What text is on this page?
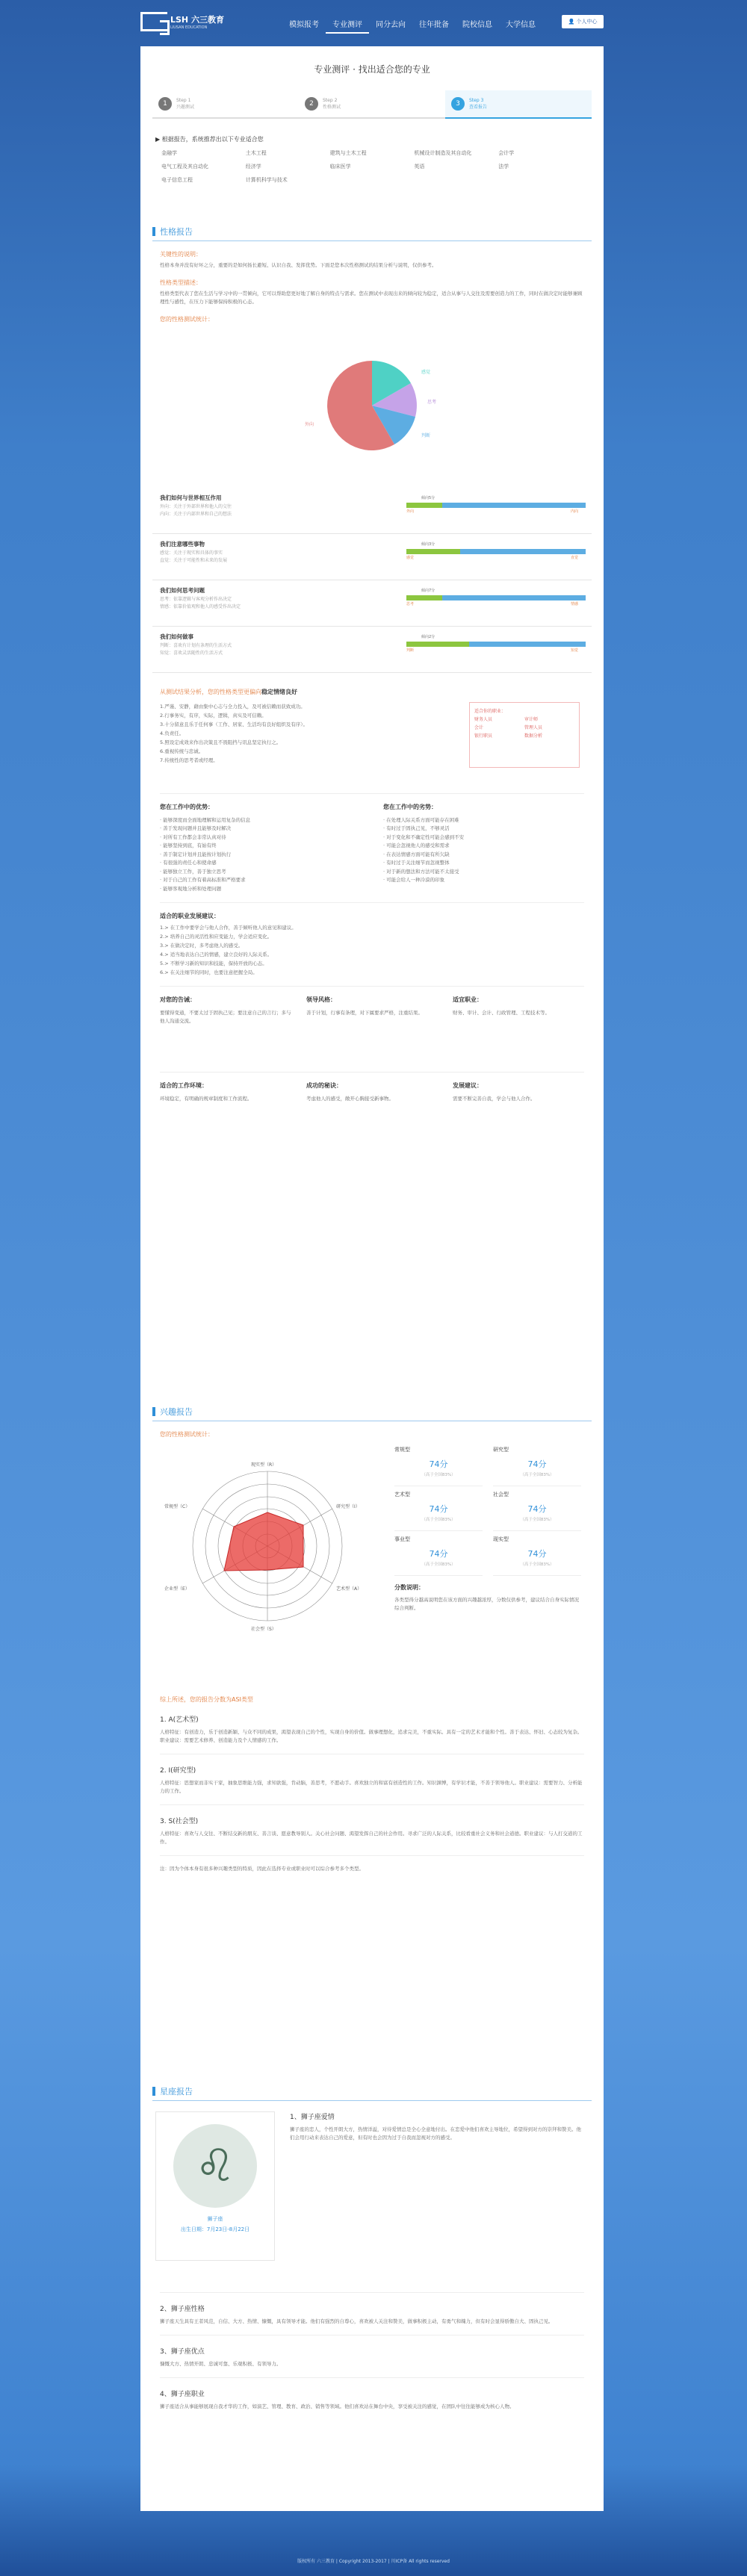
LSH 六三教育
LIUSAN EDUCATION	模拟报考	专业测评	同分去向	往年批备	院校信息	大学信息	👤 个人中心
专业测评 · 找出适合您的专业
1	Step 1
兴趣测试	2	Step 2
性格测试	3	Step 3
查看报告
▶ 根据报告，系统推荐出以下专业适合您
金融学	土木工程	建筑与土木工程	机械设计制造及其自动化	会计学
电气工程及其自动化	经济学	临床医学	英语	法学
电子信息工程	计算机科学与技术
性格报告
关键性的说明：
性格本身并没有好坏之分，重要的是如何扬长避短、认识自我、发挥优势。下面是您本次性格测试的结果分析与说明，仅供参考。
性格类型描述：
性格类型代表了您在生活与学习中的一贯倾向，它可以帮助您更好地了解自身的特点与需求。您在测试中表现出来的倾向较为稳定，适合从事与人交往及需要创造力的工作，同时在做决定时能够兼顾理性与感性，在压力下能够保持积极的心态。
您的性格测试统计：
感觉
思考
判断
外向
我们如何与世界相互作用
外向：关注于外部世界和他人的交往
内向：关注于内部世界和自己的想法
倾向5分
外向	内向
我们注意哪些事物
感觉：关注于现实和具体的事实
直觉：关注于可能性和未来的发展
倾向3分
感觉	直觉
我们如何思考问题
思考：依靠逻辑与客观分析作出决定
情感：依靠价值观和他人的感受作出决定
倾向7分
思考	情感
我们如何做事
判断：喜欢有计划有条理的生活方式
知觉：喜欢灵活随性的生活方式
倾向2分
判断	知觉
从测试结果分析，您的性格类型更偏向稳定情绪良好
1.严谨、安静，藉由集中心志与全力投入，及可被信赖而获致成功。
2.行事务实，有序，实际，逻辑，真实及可信赖。
3.十分留意且乐于任何事（工作、居家、生活均有良好组织及有序）。
4.负责任。
5.照设定成效来作出决策且不畏阻挡与讯息坚定执行之。
6.重视传统与忠诚。
7.传统性的思考者或经理。
适合你的职业：
财务人员	审计师
会计	管理人员
银行职员	数据分析
您在工作中的优势：
· 能够深度而全面地理解和运用复杂的信息
· 善于发现问题并且能够及时解决
· 对所有工作都会非常认真对待
· 能够坚持到底，有始有终
· 善于制定计划并且能按计划执行
· 有很强的责任心和使命感
· 能够独立工作，善于独立思考
· 对于自己的工作有着高标准和严格要求
· 能够客观地分析和处理问题
您在工作中的劣势：
· 在处理人际关系方面可能存在困难
· 有时过于固执己见，不够灵活
· 对于变化和不确定性可能会感到不安
· 可能会忽视他人的感受和需求
· 在表达情感方面可能有所欠缺
· 有时过于关注细节而忽视整体
· 对于新的想法和方法可能不太接受
· 可能会给人一种冷漠的印象
适合的职业发展建议：
1.> 在工作中要学会与他人合作，善于倾听他人的意见和建议。
2.> 培养自己的灵活性和应变能力，学会适应变化。
3.> 在做决定时，多考虑他人的感受。
4.> 适当地表达自己的情感，建立良好的人际关系。
5.> 不断学习新的知识和技能，保持开放的心态。
6.> 在关注细节的同时，也要注意把握全局。
对您的告诫：
要懂得变通，不要太过于固执己见；要注意自己的言行；多与他人沟通交流。
领导风格：
善于计划，行事有条理，对下属要求严格，注重结果。
适宜职业：
财务、审计、会计、行政管理、工程技术等。
适合的工作环境：
环境稳定，有明确的规章制度和工作流程。
成功的秘诀：
考虑他人的感受，敞开心胸接受新事物。
发展建议：
需要不断完善自我，学会与他人合作。
兴趣报告
您的性格测试统计：
现实型（R）
研究型（I）
艺术型（A）
社会型（S）
企业型（E）
常规型（C）
常规型
74分
（高于全国83%）
研究型
74分
（高于全国83%）
艺术型
74分
（高于全国83%）
社会型
74分
（高于全国83%）
事业型
74分
（高于全国83%）
现实型
74分
（高于全国83%）
分数说明：
各类型得分越高说明您在该方面的兴趣越浓厚，分数仅供参考，建议结合自身实际情况综合判断。
综上所述，您的报告分数为ASI类型
1. A(艺术型)
人格特征：有创造力，乐于创造新颖、与众不同的成果，渴望表现自己的个性，实现自身的价值。做事理想化，追求完美，不重实际。具有一定的艺术才能和个性。善于表达、怀旧、心态较为复杂。职业建议：需要艺术修养、创造能力及个人情感的工作。
2. I(研究型)
人格特征：思想家而非实干家，抽象思维能力强，求知欲强，肯动脑，善思考，不愿动手。喜欢独立的和富有创造性的工作。知识渊博，有学识才能，不善于领导他人。职业建议：需要智力、分析能力的工作。
3. S(社会型)
人格特征：喜欢与人交往、不断结交新的朋友、善言谈、愿意教导别人。关心社会问题、渴望发挥自己的社会作用。寻求广泛的人际关系，比较看重社会义务和社会道德。职业建议：与人打交道的工作。
注：因为个体本身有很多种兴趣类型的特质，因此在选择专业或职业时可以综合参考多个类型。
星座报告
♌
狮子座
出生日期：7月23日-8月22日
1、狮子座爱情
狮子座的恋人，个性开朗大方，热情洋溢，对待爱情总是全心全意地付出。在恋爱中他们喜欢主导地位，希望得到对方的崇拜和赞美。他们会用行动来表达自己的爱意，但有时也会因为过于自我而忽视对方的感受。
2、狮子座性格
狮子座天生具有王者风范，自信、大方、热情、慷慨，具有领导才能。他们有强烈的自尊心，喜欢被人关注和赞美，做事积极主动，有勇气和魄力，但有时会显得骄傲自大、固执己见。
3、狮子座优点
慷慨大方、热情开朗、忠诚可靠、乐观积极、有领导力。
4、狮子座职业
狮子座适合从事能够展现自我才华的工作，如演艺、管理、教育、政治、销售等领域。他们喜欢站在舞台中央，享受被关注的感觉，在团队中往往能够成为核心人物。
版权所有 六三教育 | Copyright 2013-2017 | 川ICP备 All rights reserved
